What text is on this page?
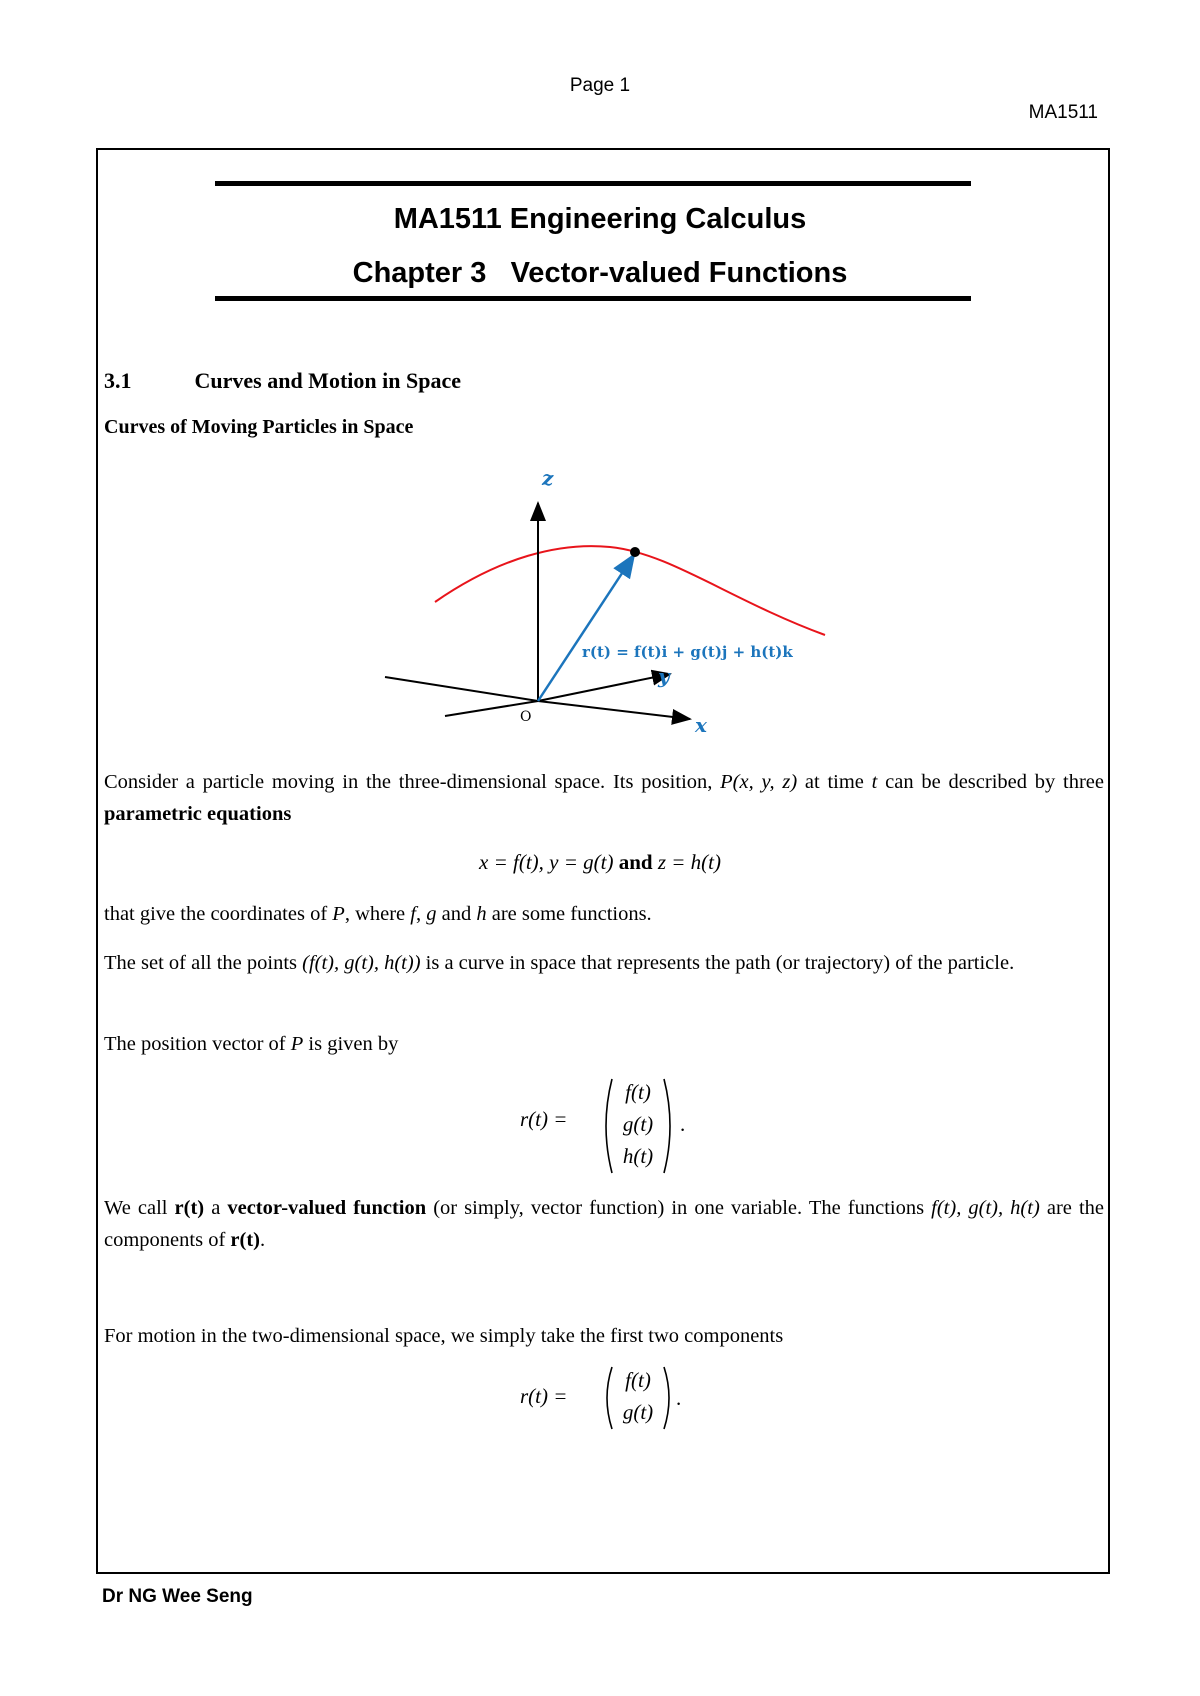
Page 1
MA1511
MA1511 Engineering Calculus
Chapter 3   Vector-valued Functions
3.1	Curves and Motion in Space
Curves of Moving Particles in Space
z
y
x
O
r(t) = f(t)i + g(t)j + h(t)k
Consider a particle moving in the three-dimensional space. Its position, P(x, y, z) at time t can be described by three parametric equations
x = f(t), y = g(t) and z = h(t)
that give the coordinates of P, where f, g and h are some functions.
The set of all the points (f(t), g(t), h(t)) is a curve in space that represents the path (or trajectory) of the particle.
The position vector of P is given by
r(t) =
f(t)
g(t)
h(t)
.
We call r(t) a vector-valued function (or simply, vector function) in one variable. The functions f(t), g(t), h(t) are the components of r(t).
For motion in the two-dimensional space, we simply take the first two components
r(t) =
f(t)
g(t)
.
Dr NG Wee Seng
